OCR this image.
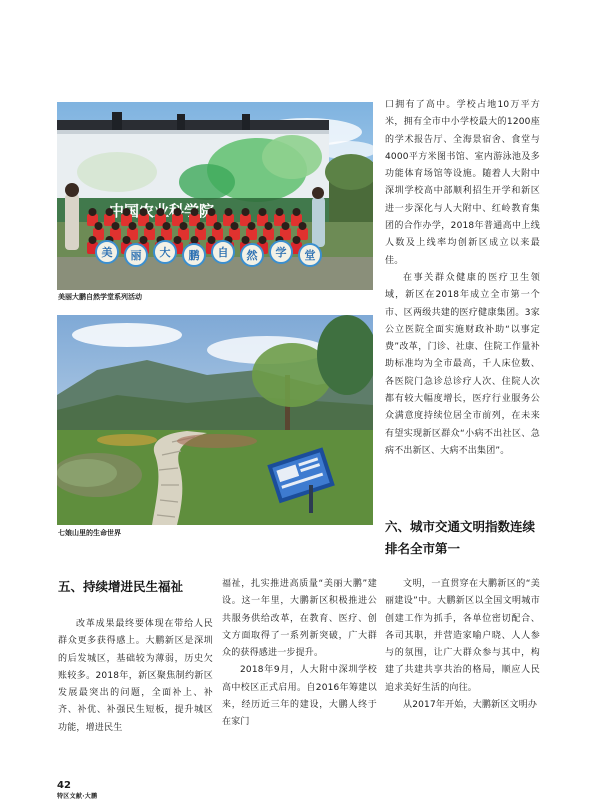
美 丽 大 鹏 自 然 学 堂
美丽大鹏自然学堂系列活动
七娘山里的生命世界

口拥有了高中。学校占地10万平方米，拥有全市中小学校最大的1200座的学术报告厅、全海景宿舍、食堂与4000平方米图书馆、室内游泳池及多功能体育场馆等设施。随着人大附中深圳学校高中部顺利招生开学和新区进一步深化与人大附中、红岭教育集团的合作办学，2018年普通高中上线人数及上线率均创新区成立以来最佳。

在事关群众健康的医疗卫生领域，新区在2018年成立全市第一个市、区两级共建的医疗健康集团。3家公立医院全面实施财政补助“以事定费”改革，门诊、社康、住院工作量补助标准均为全市最高，千人床位数、各医院门急诊总诊疗人次、住院人次都有较大幅度增长，医疗行业服务公众满意度持续位居全市前列，在未来有望实现新区群众“小病不出社区、急病不出新区、大病不出集团”。

六、城市交通文明指数连续排名全市第一
五、持续增进民生福祉

改革成果最终要体现在带给人民群众更多获得感上。大鹏新区是深圳的后发城区，基础较为薄弱，历史欠账较多。2018年，新区聚焦制约新区发展最突出的问题，全面补上、补齐、补优、补强民生短板，提升城区功能，增进民生

福祉，扎实推进高质量“美丽大鹏”建设。这一年里，大鹏新区积极推进公共服务供给改革，在教育、医疗、创文方面取得了一系列新突破，广大群众的获得感进一步提升。

2018年9月，人大附中深圳学校高中校区正式启用。自2016年筹建以来，经历近三年的建设，大鹏人终于在家门

文明，一直贯穿在大鹏新区的“美丽建设”中。大鹏新区以全国文明城市创建工作为抓手，各单位密切配合、各司其职，并营造家喻户晓、人人参与的氛围，让广大群众参与其中，构建了共建共享共治的格局，顺应人民追求美好生活的向往。

从2017年开始，大鹏新区文明办

42
特区文献·大鹏
